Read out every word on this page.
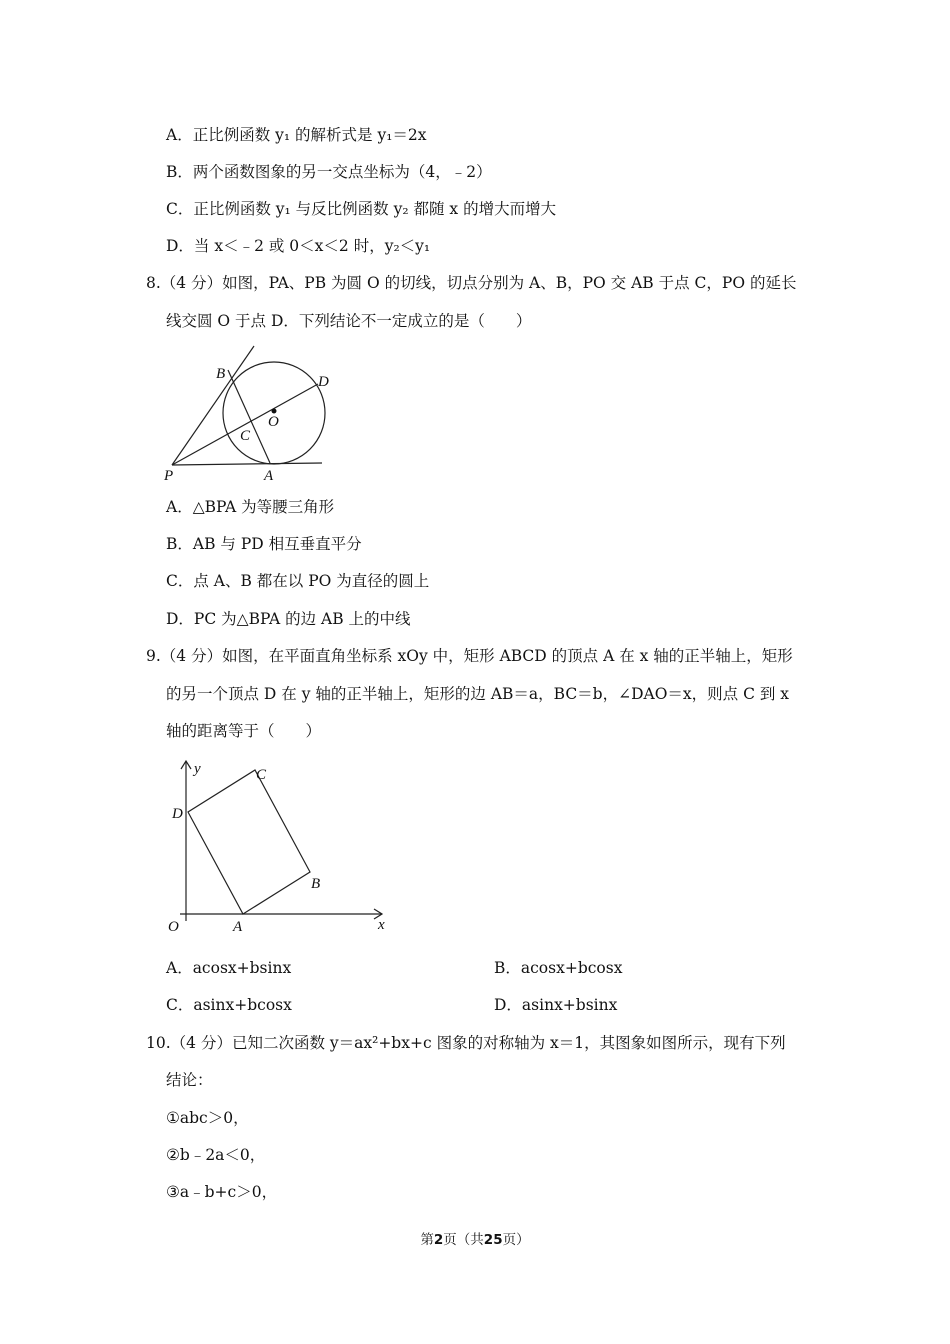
A．正比例函数 y₁ 的解析式是 y₁＝2x
B．两个函数图象的另一交点坐标为（4，﹣2）
C．正比例函数 y₁ 与反比例函数 y₂ 都随 x 的增大而增大
D．当 x＜﹣2 或 0＜x＜2 时，y₂＜y₁
8.（4 分）如图，PA、PB 为圆 O 的切线，切点分别为 A、B，PO 交 AB 于点 C，PO 的延长
线交圆 O 于点 D．下列结论不一定成立的是（　　）
B	D
O
C
P	A
A．△BPA 为等腰三角形
B．AB 与 PD 相互垂直平分
C．点 A、B 都在以 PO 为直径的圆上
D．PC 为△BPA 的边 AB 上的中线
9.（4 分）如图，在平面直角坐标系 xOy 中，矩形 ABCD 的顶点 A 在 x 轴的正半轴上，矩形
的另一个顶点 D 在 y 轴的正半轴上，矩形的边 AB＝a，BC＝b，∠DAO＝x，则点 C 到 x
轴的距离等于（　　）
y
x
O	A
B
C
D
A．acosx+bsinx	B．acosx+bcosx
C．asinx+bcosx	D．asinx+bsinx
10.（4 分）已知二次函数 y＝ax²+bx+c 图象的对称轴为 x＝1，其图象如图所示，现有下列
结论：
①abc＞0，
②b﹣2a＜0，
③a﹣b+c＞0，
第2页（共25页）
